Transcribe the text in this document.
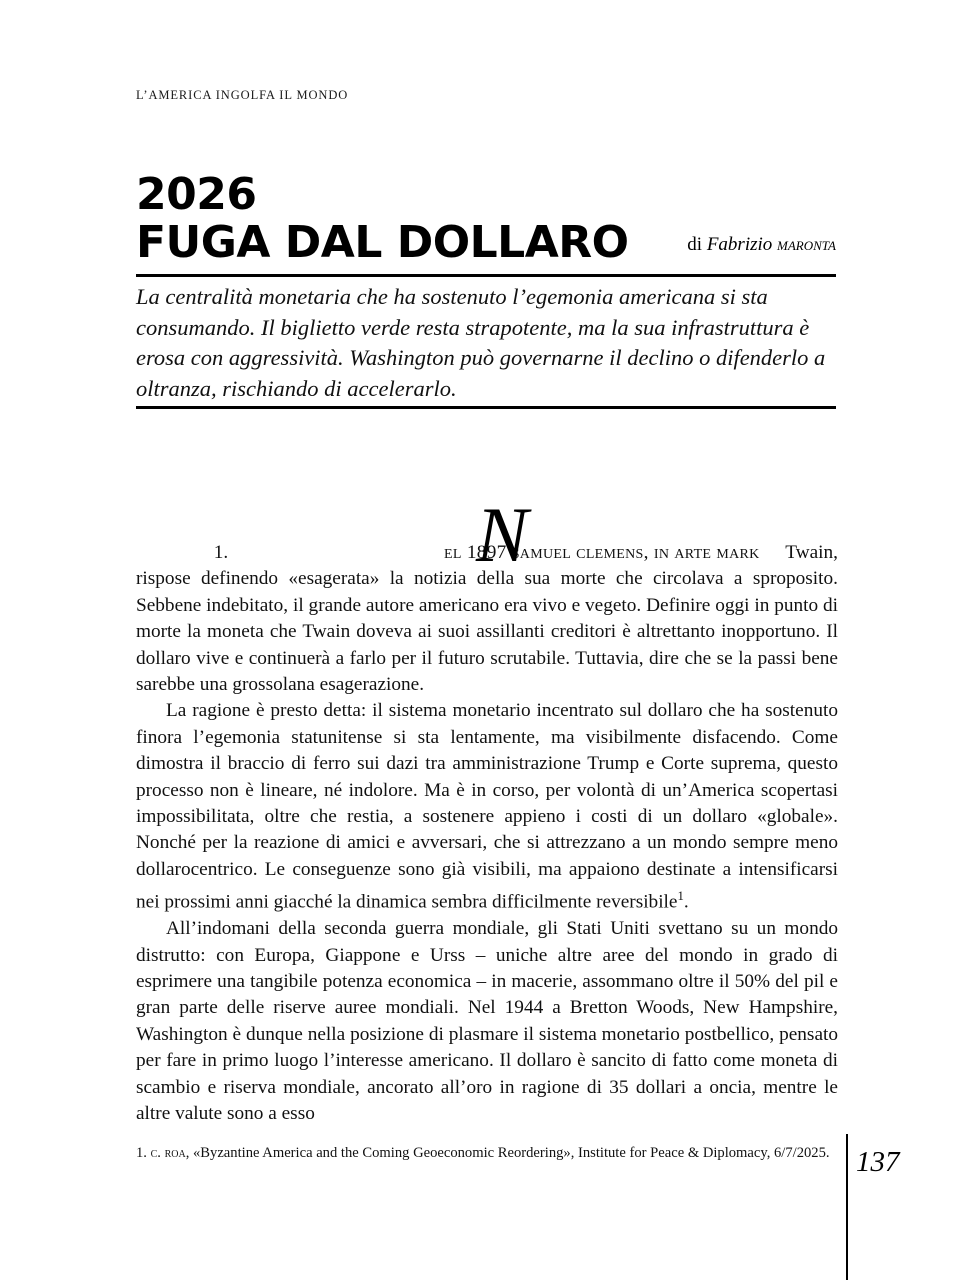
L’AMERICA INGOLFA IL MONDO
2026
FUGA DAL DOLLARO	di Fabrizio maronta
La centralità monetaria che ha sostenuto l’egemonia americana si sta consumando. Il biglietto verde resta strapotente, ma la sua infrastruttura è erosa con aggressività. Washington può governarne il declino o difenderlo a oltranza, rischiando di accelerarlo.

1.	N
el 1897 samuel clemens, in arte mark Twain, rispose definendo «esagerata» la notizia della sua morte che circolava a sproposito. Sebbene indebitato, il grande autore americano era vivo e vegeto. Definire oggi in punto di morte la moneta che Twain doveva ai suoi assillanti creditori è altrettanto inopportuno. Il dollaro vive e continuerà a farlo per il futuro scrutabile. Tuttavia, dire che se la passi bene sarebbe una grossolana esagerazione.

La ragione è presto detta: il sistema monetario incentrato sul dollaro che ha sostenuto finora l’egemonia statunitense si sta lentamente, ma visibilmente disfacendo. Come dimostra il braccio di ferro sui dazi tra amministrazione Trump e Corte suprema, questo processo non è lineare, né indolore. Ma è in corso, per volontà di un’America scopertasi impossibilitata, oltre che restia, a sostenere appieno i costi di un dollaro «globale». Nonché per la reazione di amici e avversari, che si attrezzano a un mondo sempre meno dollarocentrico. Le conseguenze sono già visibili, ma appaiono destinate a intensificarsi nei prossimi anni giacché la dinamica sembra difficilmente reversibile$^1$.

All’indomani della seconda guerra mondiale, gli Stati Uniti svettano su un mondo distrutto: con Europa, Giappone e Urss – uniche altre aree del mondo in grado di esprimere una tangibile potenza economica – in macerie, assommano oltre il 50% del pil e gran parte delle riserve auree mondiali. Nel 1944 a Bretton Woods, New Hampshire, Washington è dunque nella posizione di plasmare il sistema monetario postbellico, pensato per fare in primo luogo l’interesse americano. Il dollaro è sancito di fatto come moneta di scambio e riserva mondiale, ancorato all’oro in ragione di 35 dollari a oncia, mentre le altre valute sono a esso

1. c. roa, «Byzantine America and the Coming Geoeconomic Reordering», Institute for Peace & Diplomacy, 6/7/2025. 137
